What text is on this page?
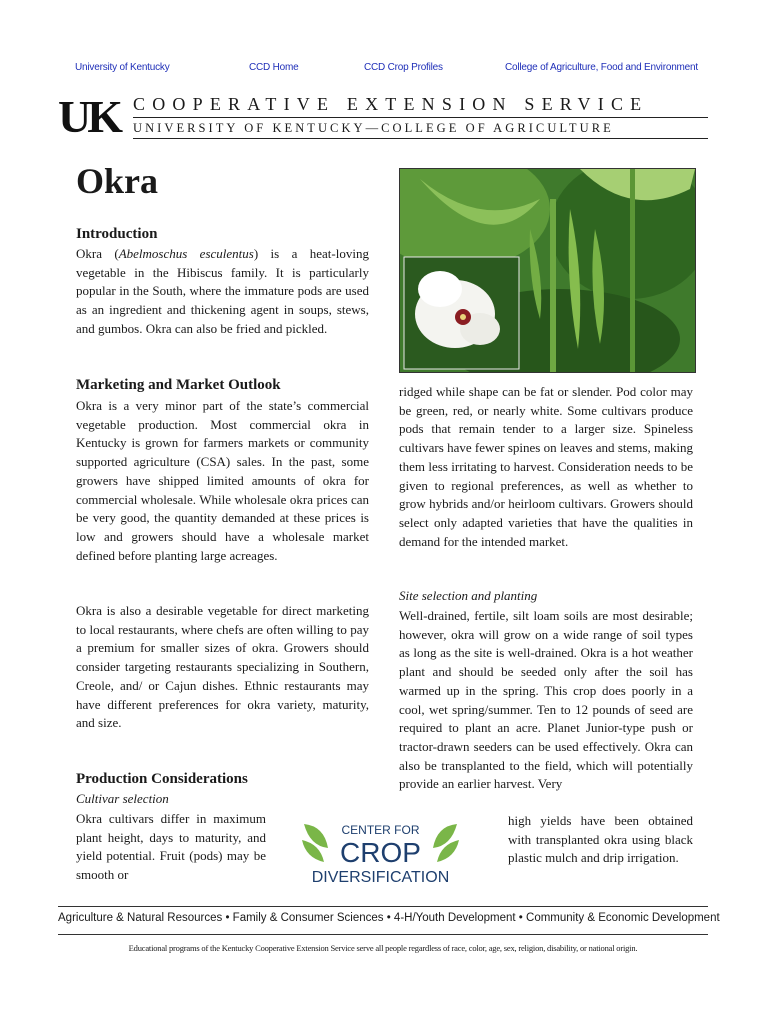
University of Kentucky	CCD Home	CCD Crop Profiles	College of Agriculture, Food and Environment
UK COOPERATIVE EXTENSION SERVICE
UNIVERSITY OF KENTUCKY—COLLEGE OF AGRICULTURE
Okra
Introduction

Okra (Abelmoschus esculentus) is a heat-loving vegetable in the Hibiscus family. It is particularly popular in the South, where the immature pods are used as an ingredient and thickening agent in soups, stews, and gumbos. Okra can also be fried and pickled.

Marketing and Market Outlook

Okra is a very minor part of the state’s commercial vegetable production. Most commercial okra in Kentucky is grown for farmers markets or community supported agriculture (CSA) sales. In the past, some growers have shipped limited amounts of okra for commercial wholesale. While wholesale okra prices can be very good, the quantity demanded at these prices is low and growers should have a wholesale market defined before planting large acreages.

Okra is also a desirable vegetable for direct marketing to local restaurants, where chefs are often willing to pay a premium for smaller sizes of okra. Growers should consider targeting restaurants specializing in Southern, Creole, and/ or Cajun dishes. Ethnic restaurants may have different preferences for okra variety, maturity, and size.

Production Considerations
Cultivar selection

Okra cultivars differ in maximum plant height, days to maturity, and yield potential. Fruit (pods) may be smooth or

ridged while shape can be fat or slender. Pod color may be green, red, or nearly white. Some cultivars produce pods that remain tender to a larger size. Spineless cultivars have fewer spines on leaves and stems, making them less irritating to harvest. Consideration needs to be given to regional preferences, as well as whether to grow hybrids and/or heirloom cultivars. Growers should select only adapted varieties that have the qualities in demand for the intended market.

Site selection and planting

Well-drained, fertile, silt loam soils are most desirable; however, okra will grow on a wide range of soil types as long as the site is well-drained. Okra is a hot weather plant and should be seeded only after the soil has warmed up in the spring. This crop does poorly in a cool, wet spring/summer. Ten to 12 pounds of seed are required to plant an acre. Planet Junior-type push or tractor-drawn seeders can be used effectively. Okra can also be transplanted to the field, which will potentially provide an earlier harvest. Very

high yields have been obtained with transplanted okra using black plastic mulch and drip irrigation.

CENTER FOR
CROP
DIVERSIFICATION
Agriculture & Natural Resources • Family & Consumer Sciences • 4-H/Youth Development • Community & Economic Development
Educational programs of the Kentucky Cooperative Extension Service serve all people regardless of race, color, age, sex, religion, disability, or national origin.
